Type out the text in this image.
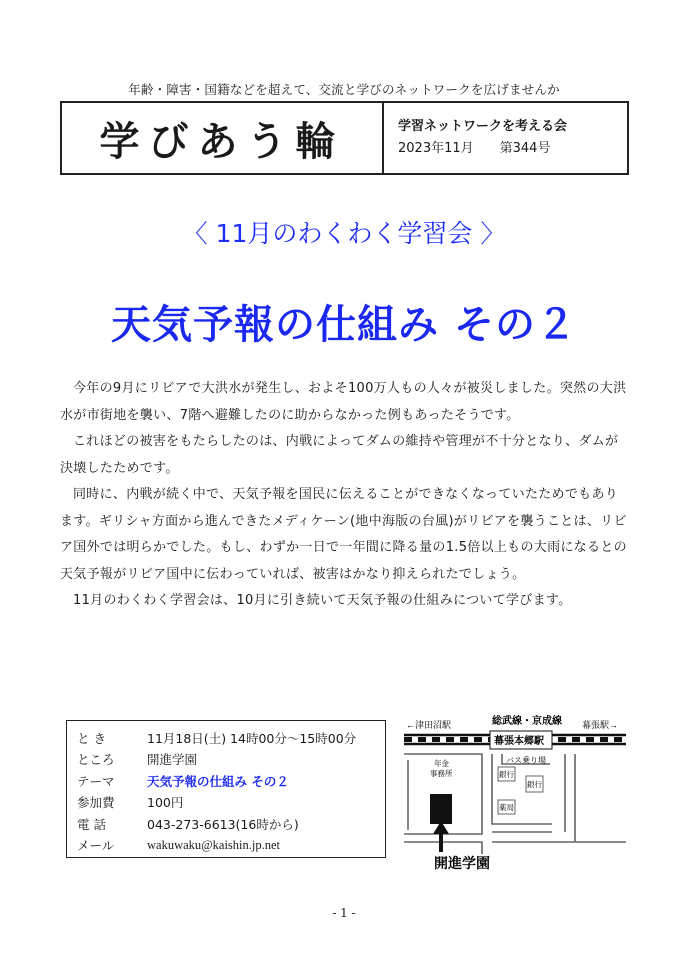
年齢・障害・国籍などを超えて、交流と学びのネットワークを広げませんか
学びあう輪	学習ネットワークを考える会
2023年11月 第344号
〈 11月のわくわく学習会 〉
天気予報の仕組み その２

今年の9月にリビアで大洪水が発生し、およそ100万人もの人々が被災しました。突然の大洪水が市街地を襲い、7階へ避難したのに助からなかった例もあったそうです。

これほどの被害をもたらしたのは、内戦によってダムの維持や管理が不十分となり、ダムが決壊したためです。

同時に、内戦が続く中で、天気予報を国民に伝えることができなくなっていたためでもあります。ギリシャ方面から進んできたメディケーン(地中海版の台風)がリビアを襲うことは、リビア国外では明らかでした。もし、わずか一日で一年間に降る量の1.5倍以上もの大雨になるとの天気予報がリビア国中に伝わっていれば、被害はかなり抑えられたでしょう。

11月のわくわく学習会は、10月に引き続いて天気予報の仕組みについて学びます。

と き	11月18日(土) 14時00分～15時00分
ところ	開進学園
テーマ	天気予報の仕組み その２
参加費	100円
電 話	043-273-6613(16時から)
メール	wakuwaku@kaishin.jp.net
←津田沼駅	総武線・京成線 幕張駅→
幕張本郷駅
バス乗り場
年金
事務所	銀行
銀行
薬局
開進学園
- 1 -
